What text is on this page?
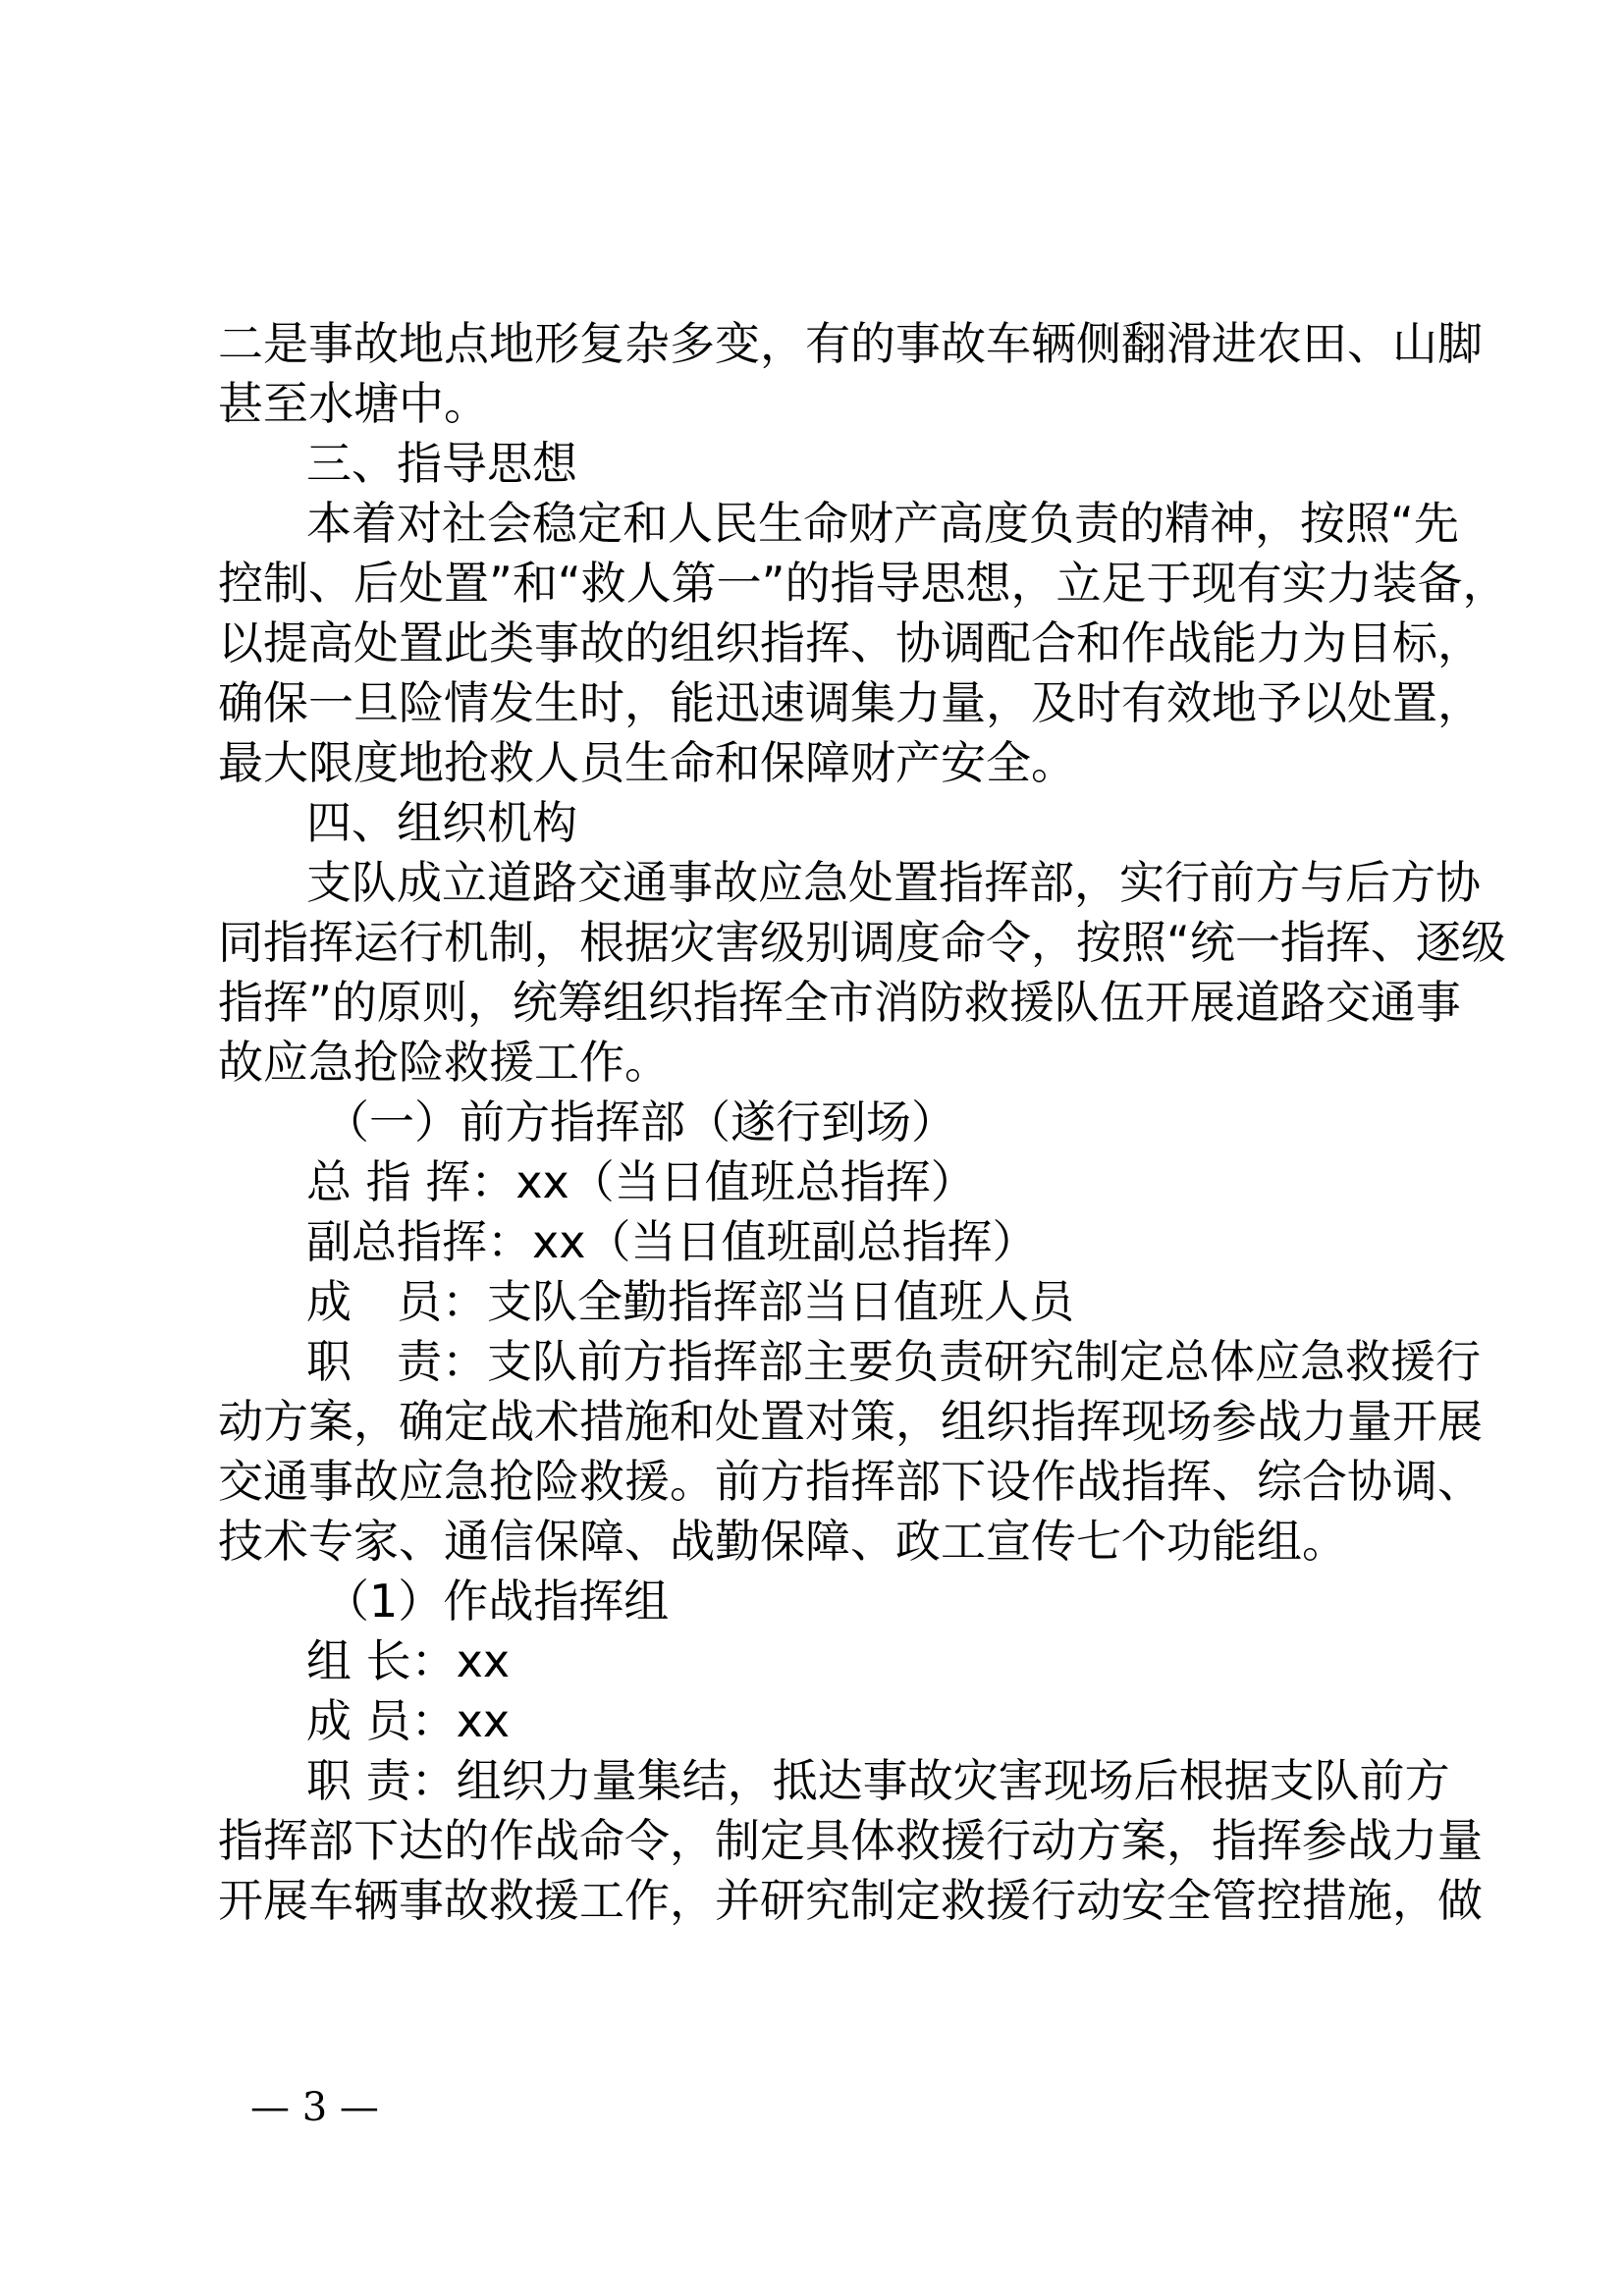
二是事故地点地形复杂多变，有的事故车辆侧翻滑进农田、山脚
甚至水塘中。
三、指导思想
本着对社会稳定和人民生命财产高度负责的精神，按照“先
控制、后处置”和“救人第一”的指导思想，立足于现有实力装备，
以提高处置此类事故的组织指挥、协调配合和作战能力为目标，
确保一旦险情发生时，能迅速调集力量，及时有效地予以处置，
最大限度地抢救人员生命和保障财产安全。
四、组织机构
支队成立道路交通事故应急处置指挥部，实行前方与后方协
同指挥运行机制，根据灾害级别调度命令，按照“统一指挥、逐级
指挥”的原则，统筹组织指挥全市消防救援队伍开展道路交通事
故应急抢险救援工作。
（一）前方指挥部（遂行到场）
总 指 挥：xx（当日值班总指挥）
副总指挥：xx（当日值班副总指挥）
成　员：支队全勤指挥部当日值班人员
职　责：支队前方指挥部主要负责研究制定总体应急救援行
动方案，确定战术措施和处置对策，组织指挥现场参战力量开展
交通事故应急抢险救援。前方指挥部下设作战指挥、综合协调、
技术专家、通信保障、战勤保障、政工宣传七个功能组。
（1）作战指挥组
组 长：xx
成 员：xx
职 责：组织力量集结，抵达事故灾害现场后根据支队前方
指挥部下达的作战命令，制定具体救援行动方案，指挥参战力量
开展车辆事故救援工作，并研究制定救援行动安全管控措施，做
— 3 —
